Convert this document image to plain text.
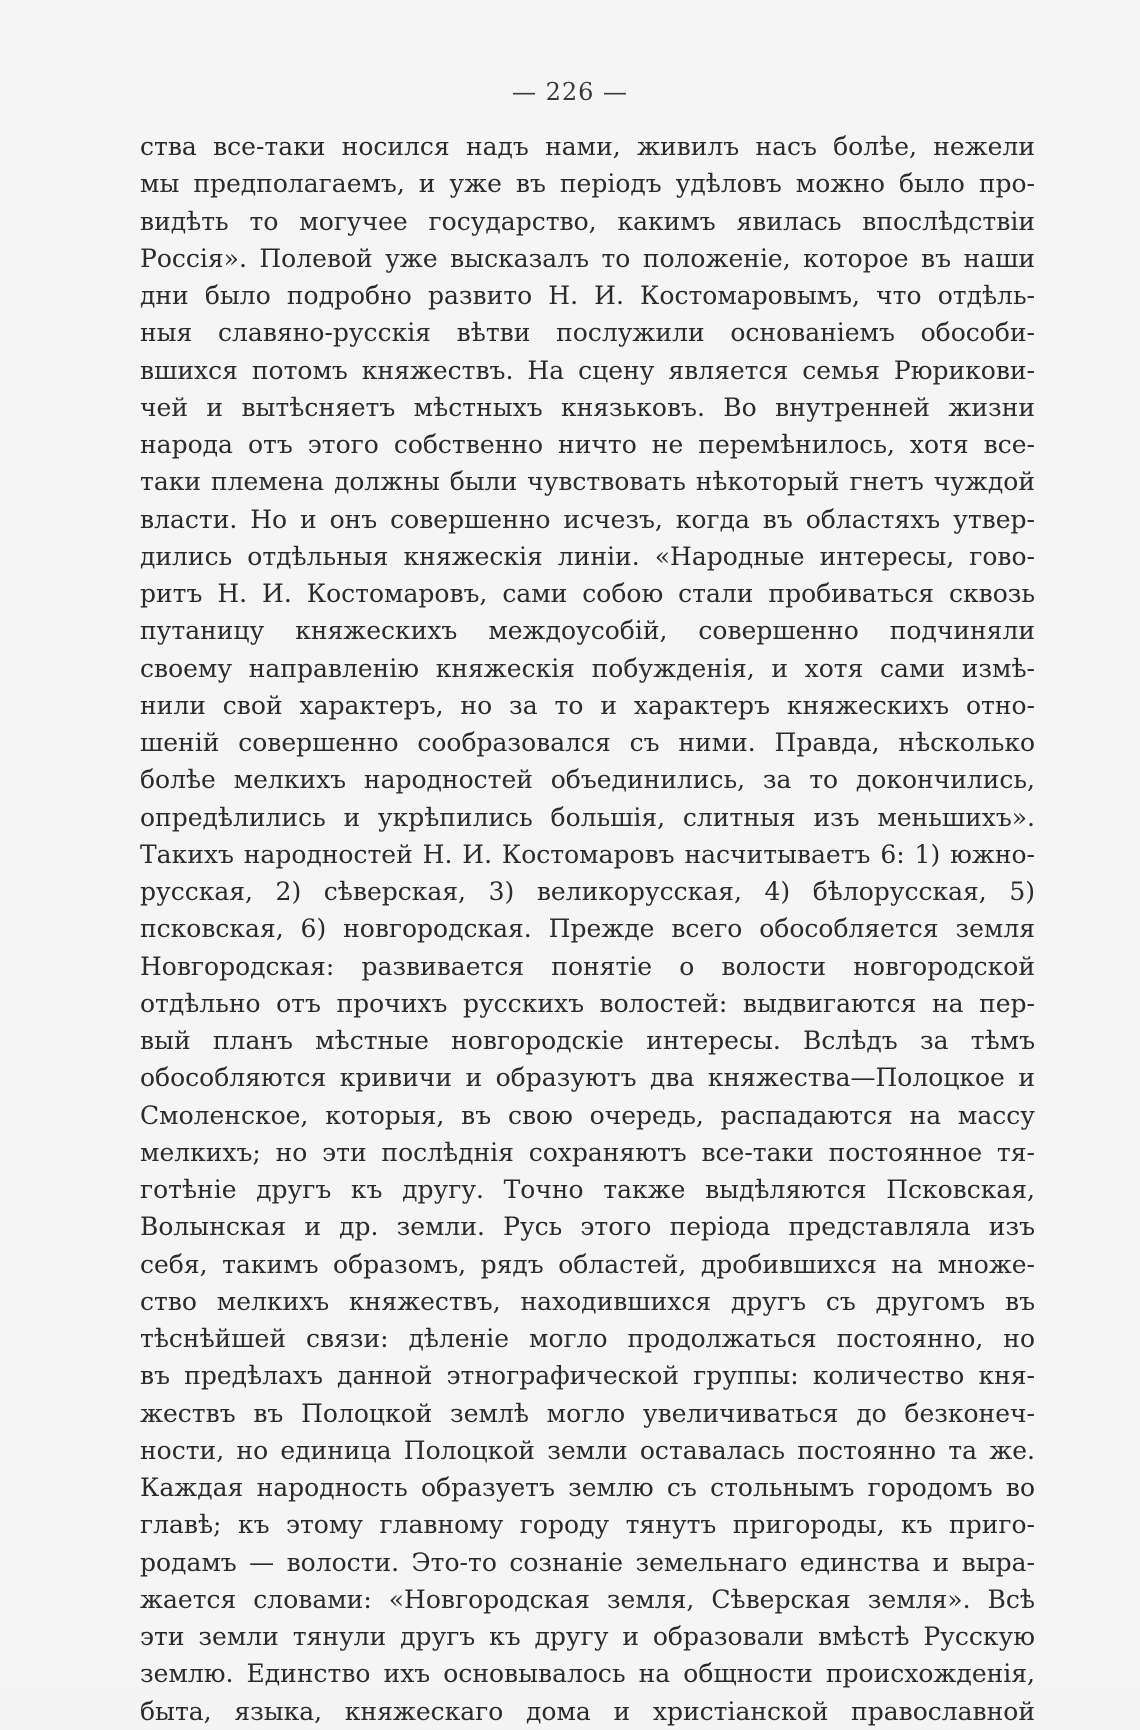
— 226 —
ства все-таки носился надъ нами, живилъ насъ болѣе, нежели
мы предполагаемъ, и уже въ періодъ удѣловъ можно было про-
видѣть то могучее государство, какимъ явилась впослѣдствіи
Россія». Полевой уже высказалъ то положеніе, которое въ наши
дни было подробно развито Н. И. Костомаровымъ, что отдѣль-
ныя славяно-русскія вѣтви послужили основаніемъ обособи-
вшихся потомъ княжествъ. На сцену является семья Рюрикови-
чей и вытѣсняетъ мѣстныхъ князьковъ. Во внутренней жизни
народа отъ этого собственно ничто не перемѣнилось, хотя все-
таки племена должны были чувствовать нѣкоторый гнетъ чуждой
власти. Но и онъ совершенно исчезъ, когда въ областяхъ утвер-
дились отдѣльныя княжескія линіи. «Народные интересы, гово-
ритъ Н. И. Костомаровъ, сами собою стали пробиваться сквозь
путаницу княжескихъ междоусобій, совершенно подчиняли
своему направленію княжескія побужденія, и хотя сами измѣ-
нили свой характеръ, но за то и характеръ княжескихъ отно-
шеній совершенно сообразовался съ ними. Правда, нѣсколько
болѣе мелкихъ народностей объединились, за то докончились,
опредѣлились и укрѣпились большія, слитныя изъ меньшихъ».
Такихъ народностей Н. И. Костомаровъ насчитываетъ 6: 1) южно-
русская, 2) сѣверская, 3) великорусская, 4) бѣлорусская, 5)
псковская, 6) новгородская. Прежде всего обособляется земля
Новгородская: развивается понятіе о волости новгородской
отдѣльно отъ прочихъ русскихъ волостей: выдвигаются на пер-
вый планъ мѣстные новгородскіе интересы. Вслѣдъ за тѣмъ
обособляются кривичи и образуютъ два княжества—Полоцкое и
Смоленское, которыя, въ свою очередь, распадаются на массу
мелкихъ; но эти послѣднія сохраняютъ все-таки постоянное тя-
готѣніе другъ къ другу. Точно также выдѣляются Псковская,
Волынская и др. земли. Русь этого періода представляла изъ
себя, такимъ образомъ, рядъ областей, дробившихся на множе-
ство мелкихъ княжествъ, находившихся другъ съ другомъ въ
тѣснѣйшей связи: дѣленіе могло продолжаться постоянно, но
въ предѣлахъ данной этнографической группы: количество кня-
жествъ въ Полоцкой землѣ могло увеличиваться до безконеч-
ности, но единица Полоцкой земли оставалась постоянно та же.
Каждая народность образуетъ землю съ стольнымъ городомъ во
главѣ; къ этому главному городу тянутъ пригороды, къ приго-
родамъ — волости. Это-то сознаніе земельнаго единства и выра-
жается словами: «Новгородская земля, Сѣверская земля». Всѣ
эти земли тянули другъ къ другу и образовали вмѣстѣ Русскую
землю. Единство ихъ основывалось на общности происхожденія,
быта, языка, княжескаго дома и христіанской православной
